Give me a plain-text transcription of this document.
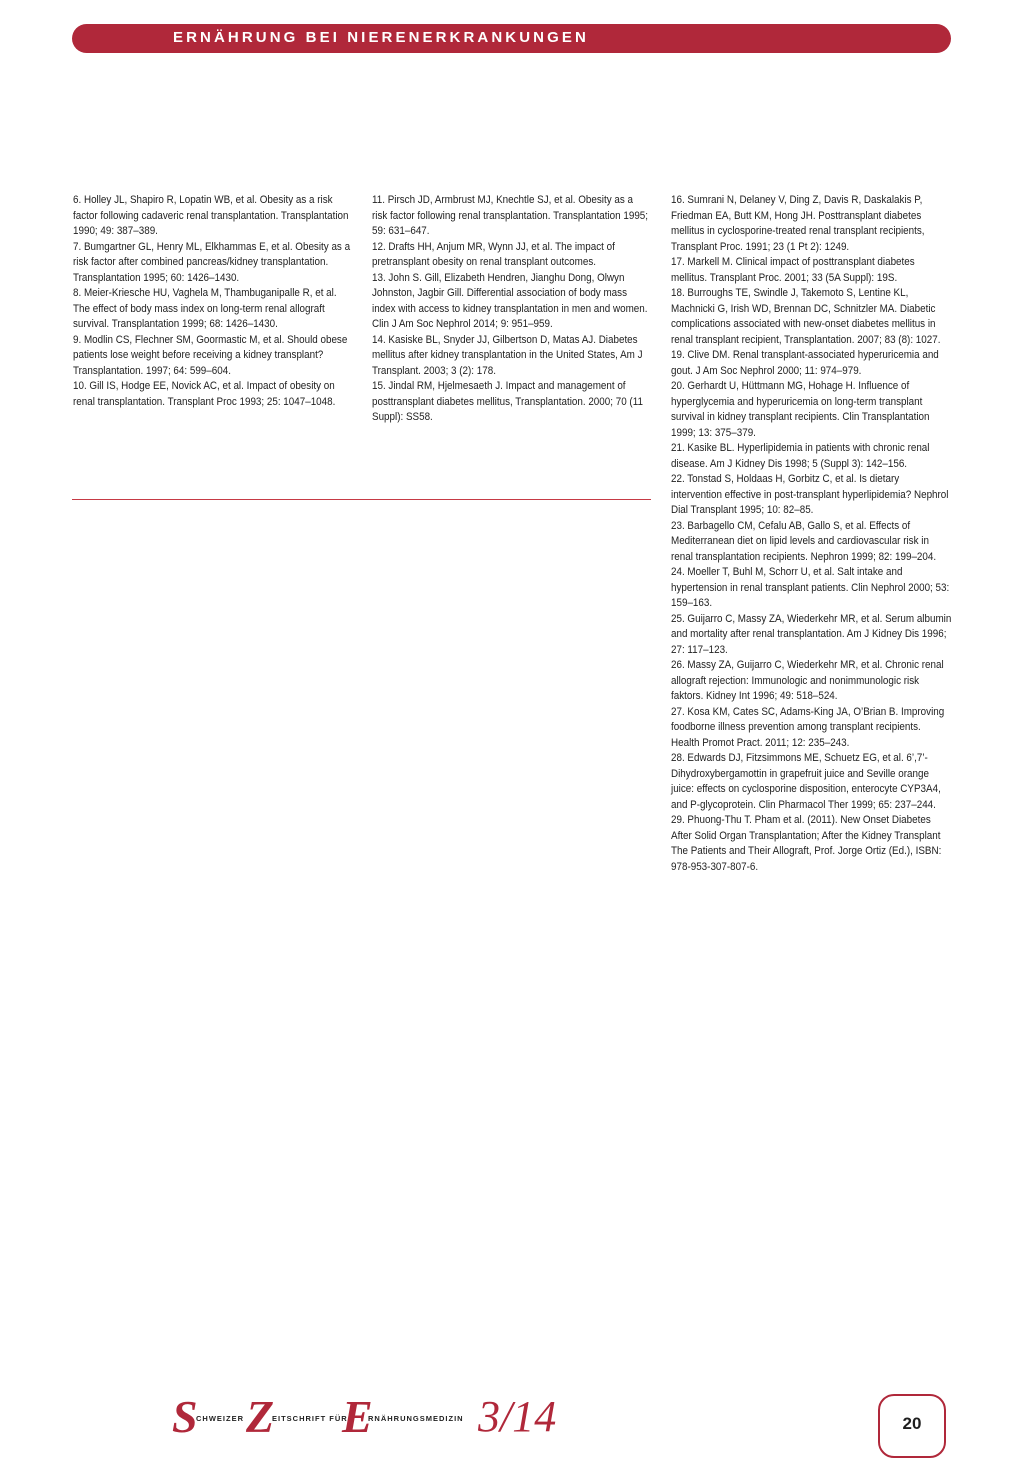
ERNÄHRUNG BEI NIERENERKRANKUNGEN

6. Holley JL, Shapiro R, Lopatin WB, et al. Obesity as a risk factor following cadaveric renal transplantation. Transplantation 1990; 49: 387–389.

7. Bumgartner GL, Henry ML, Elkhammas E, et al. Obesity as a risk factor after combined pancreas/kidney transplantation. Transplantation 1995; 60: 1426–1430.

8. Meier-Kriesche HU, Vaghela M, Thambuganipalle R, et al. The effect of body mass index on long-term renal allograft survival. Transplantation 1999; 68: 1426–1430.

9. Modlin CS, Flechner SM, Goormastic M, et al. Should obese patients lose weight before receiving a kidney transplant? Transplantation. 1997; 64: 599–604.

10. Gill IS, Hodge EE, Novick AC, et al. Impact of obesity on renal transplantation. Transplant Proc 1993; 25: 1047–1048.

11. Pirsch JD, Armbrust MJ, Knechtle SJ, et al. Obesity as a risk factor following renal transplantation. Transplantation 1995; 59: 631–647.

12. Drafts HH, Anjum MR, Wynn JJ, et al. The impact of pretransplant obesity on renal transplant outcomes.

13. John S. Gill, Elizabeth Hendren, Jianghu Dong, Olwyn Johnston, Jagbir Gill. Differential association of body mass index with access to kidney transplantation in men and women. Clin J Am Soc Nephrol 2014; 9: 951–959.

14. Kasiske BL, Snyder JJ, Gilbertson D, Matas AJ. Diabetes mellitus after kidney transplantation in the United States, Am J Transplant. 2003; 3 (2): 178.

15. Jindal RM, Hjelmesaeth J. Impact and management of posttransplant diabetes mellitus, Transplantation. 2000; 70 (11 Suppl): SS58.

16. Sumrani N, Delaney V, Ding Z, Davis R, Daskalakis P, Friedman EA, Butt KM, Hong JH. Posttransplant diabetes mellitus in cyclosporine-treated renal transplant recipients, Transplant Proc. 1991; 23 (1 Pt 2): 1249.

17. Markell M. Clinical impact of posttransplant diabetes mellitus. Transplant Proc. 2001; 33 (5A Suppl): 19S.

18. Burroughs TE, Swindle J, Takemoto S, Lentine KL, Machnicki G, Irish WD, Brennan DC, Schnitzler MA. Diabetic complications associated with new-onset diabetes mellitus in renal transplant recipient, Transplantation. 2007; 83 (8): 1027.

19. Clive DM. Renal transplant-associated hyperuricemia and gout. J Am Soc Nephrol 2000; 11: 974–979.

20. Gerhardt U, Hüttmann MG, Hohage H. Influence of hyperglycemia and hyperuricemia on long-term transplant survival in kidney transplant recipients. Clin Transplantation 1999; 13: 375–379.

21. Kasike BL. Hyperlipidemia in patients with chronic renal disease. Am J Kidney Dis 1998; 5 (Suppl 3): 142–156.

22. Tonstad S, Holdaas H, Gorbitz C, et al. Is dietary intervention effective in post-transplant hyperlipidemia? Nephrol Dial Transplant 1995; 10: 82–85.

23. Barbagello CM, Cefalu AB, Gallo S, et al. Effects of Mediterranean diet on lipid levels and cardiovascular risk in renal transplantation recipients. Nephron 1999; 82: 199–204.

24. Moeller T, Buhl M, Schorr U, et al. Salt intake and hypertension in renal transplant patients. Clin Nephrol 2000; 53: 159–163.

25. Guijarro C, Massy ZA, Wiederkehr MR, et al. Serum albumin and mortality after renal transplantation. Am J Kidney Dis 1996; 27: 117–123.

26. Massy ZA, Guijarro C, Wiederkehr MR, et al. Chronic renal allograft rejection: Immunologic and nonimmunologic risk faktors. Kidney Int 1996; 49: 518–524.

27. Kosa KM, Cates SC, Adams-King JA, O’Brian B. Improving foodborne illness prevention among transplant recipients. Health Promot Pract. 2011; 12: 235–243.

28. Edwards DJ, Fitzsimmons ME, Schuetz EG, et al. 6’,7’-Dihydroxybergamottin in grapefruit juice and Seville orange juice: effects on cyclosporine disposition, enterocyte CYP3A4, and P-glycoprotein. Clin Pharmacol Ther 1999; 65: 237–244.

29. Phuong-Thu T. Pham et al. (2011). New Onset Diabetes After Solid Organ Transplantation; After the Kidney Transplant The Patients and Their Allograft, Prof. Jorge Ortiz (Ed.), ISBN: 978-953-307-807-6.

S
CHWEIZER Z
EITSCHRIFT FÜR
E
RNÄHRUNGSMEDIZIN 3/14	20
